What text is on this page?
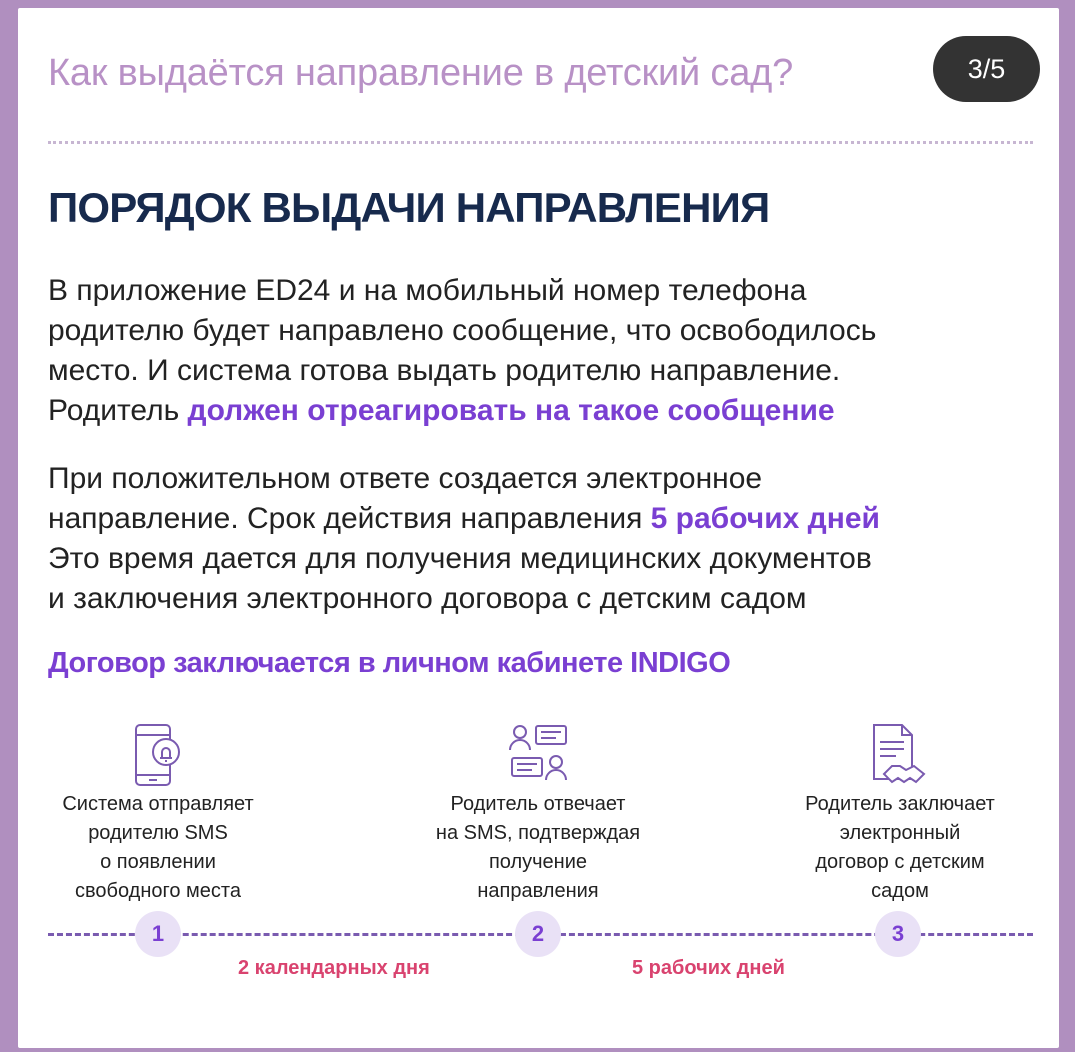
Как выдаётся направление в детский сад?	3/5
ПОРЯДОК ВЫДАЧИ НАПРАВЛЕНИЯ
В приложение ED24 и на мобильный номер телефона
родителю будет направлено сообщение, что освободилось
место. И система готова выдать родителю направление.
Родитель должен отреагировать на такое сообщение
При положительном ответе создается электронное
направление. Срок действия направления 5 рабочих дней
Это время дается для получения медицинских документов
и заключения электронного договора с детским садом
Договор заключается в личном кабинете INDIGO
Система отправляет
родителю SMS
о появлении
свободного места
Родитель отвечает
на SMS, подтверждая
получение
направления
Родитель заключает
электронный
договор с детским
садом
1	2	3
2 календарных дня	5 рабочих дней
